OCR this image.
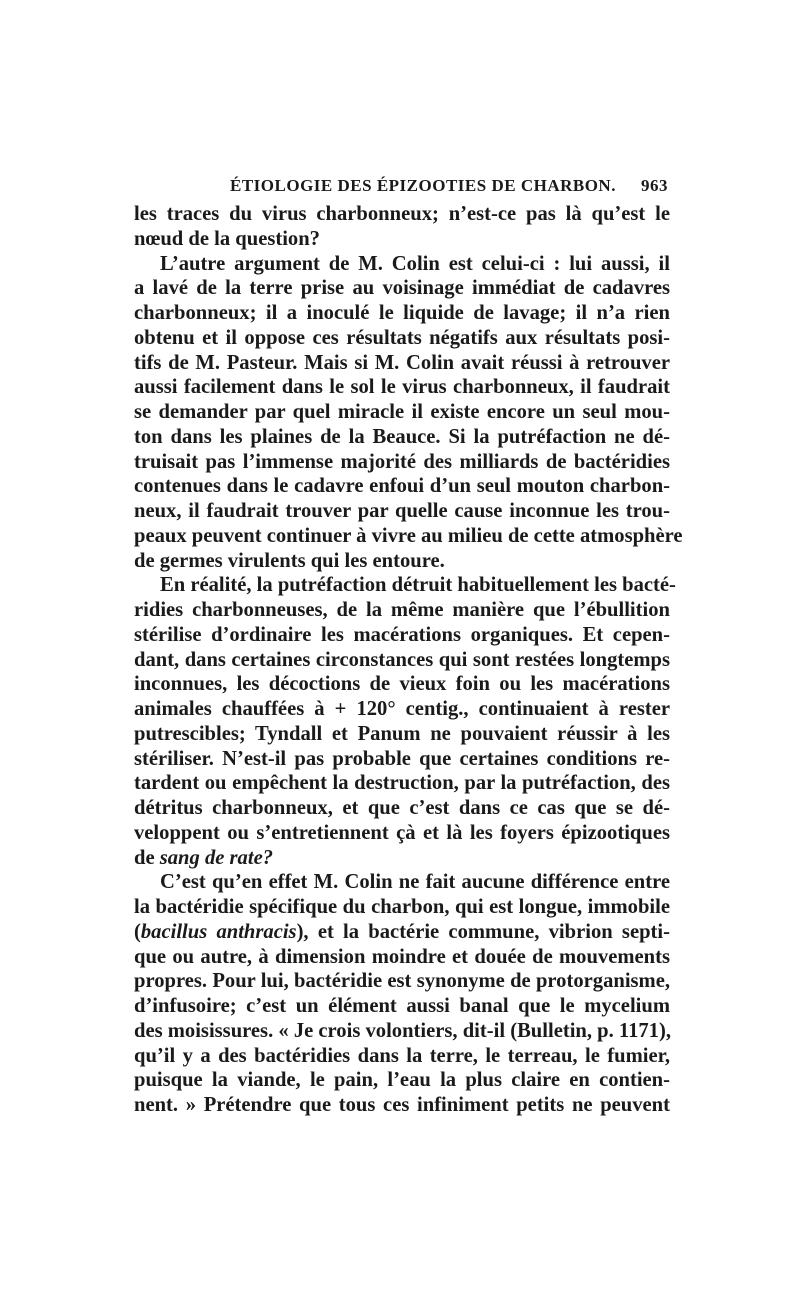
ÉTIOLOGIE DES ÉPIZOOTIES DE CHARBON. 963

les traces du virus charbonneux; n’est-ce pas là qu’est le
nœud de la question?

L’autre argument de M. Colin est celui-ci : lui aussi, il
a lavé de la terre prise au voisinage immédiat de cadavres
charbonneux; il a inoculé le liquide de lavage; il n’a rien
obtenu et il oppose ces résultats négatifs aux résultats posi-
tifs de M. Pasteur. Mais si M. Colin avait réussi à retrouver
aussi facilement dans le sol le virus charbonneux, il faudrait
se demander par quel miracle il existe encore un seul mou-
ton dans les plaines de la Beauce. Si la putréfaction ne dé-
truisait pas l’immense majorité des milliards de bactéridies
contenues dans le cadavre enfoui d’un seul mouton charbon-
neux, il faudrait trouver par quelle cause inconnue les trou-
peaux peuvent continuer à vivre au milieu de cette atmosphère
de germes virulents qui les entoure.

En réalité, la putréfaction détruit habituellement les bacté-
ridies charbonneuses, de la même manière que l’ébullition
stérilise d’ordinaire les macérations organiques. Et cepen-
dant, dans certaines circonstances qui sont restées longtemps
inconnues, les décoctions de vieux foin ou les macérations
animales chauffées à + 120° centig., continuaient à rester
putrescibles; Tyndall et Panum ne pouvaient réussir à les
stériliser. N’est-il pas probable que certaines conditions re-
tardent ou empêchent la destruction, par la putréfaction, des
détritus charbonneux, et que c’est dans ce cas que se dé-
veloppent ou s’entretiennent çà et là les foyers épizootiques
de sang de rate?

C’est qu’en effet M. Colin ne fait aucune différence entre
la bactéridie spécifique du charbon, qui est longue, immobile
(bacillus anthracis), et la bactérie commune, vibrion septi-
que ou autre, à dimension moindre et douée de mouvements
propres. Pour lui, bactéridie est synonyme de protorganisme,
d’infusoire; c’est un élément aussi banal que le mycelium
des moisissures. « Je crois volontiers, dit-il (Bulletin, p. 1171),
qu’il y a des bactéridies dans la terre, le terreau, le fumier,
puisque la viande, le pain, l’eau la plus claire en contien-
nent. » Prétendre que tous ces infiniment petits ne peuvent
